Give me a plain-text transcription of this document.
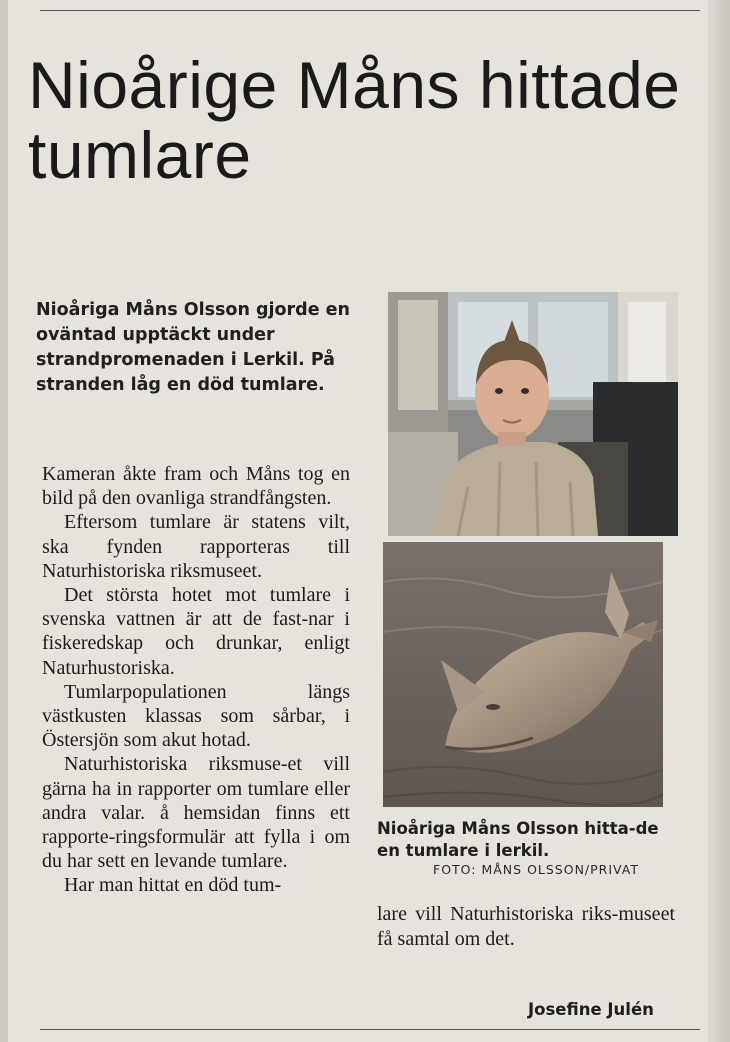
Nioårige Måns hittade tumlare

Nioåriga Måns Olsson gjorde en oväntad upptäckt under strandpromenaden i Lerkil. På stranden låg en död tumlare.

Kameran åkte fram och Måns tog en bild på den ovanliga strandfångsten.

Eftersom tumlare är statens vilt, ska fynden rapporteras till Naturhistoriska riksmuseet.

Det största hotet mot tumlare i svenska vattnen är att de fast-nar i fiskeredskap och drunkar, enligt Naturhustoriska.

Tumlarpopulationen längs västkusten klassas som sårbar, i Östersjön som akut hotad.

Naturhistoriska riksmuse-et vill gärna ha in rapporter om tumlare eller andra valar. å hemsidan finns ett rapporte-ringsformulär att fylla i om du har sett en levande tumlare.

Har man hittat en död tum-

Nioåriga Måns Olsson hitta-de en tumlare i lerkil.

FOTO: MÅNS OLSSON/PRIVAT

lare vill Naturhistoriska riks-museet få samtal om det.

Josefine Julén
